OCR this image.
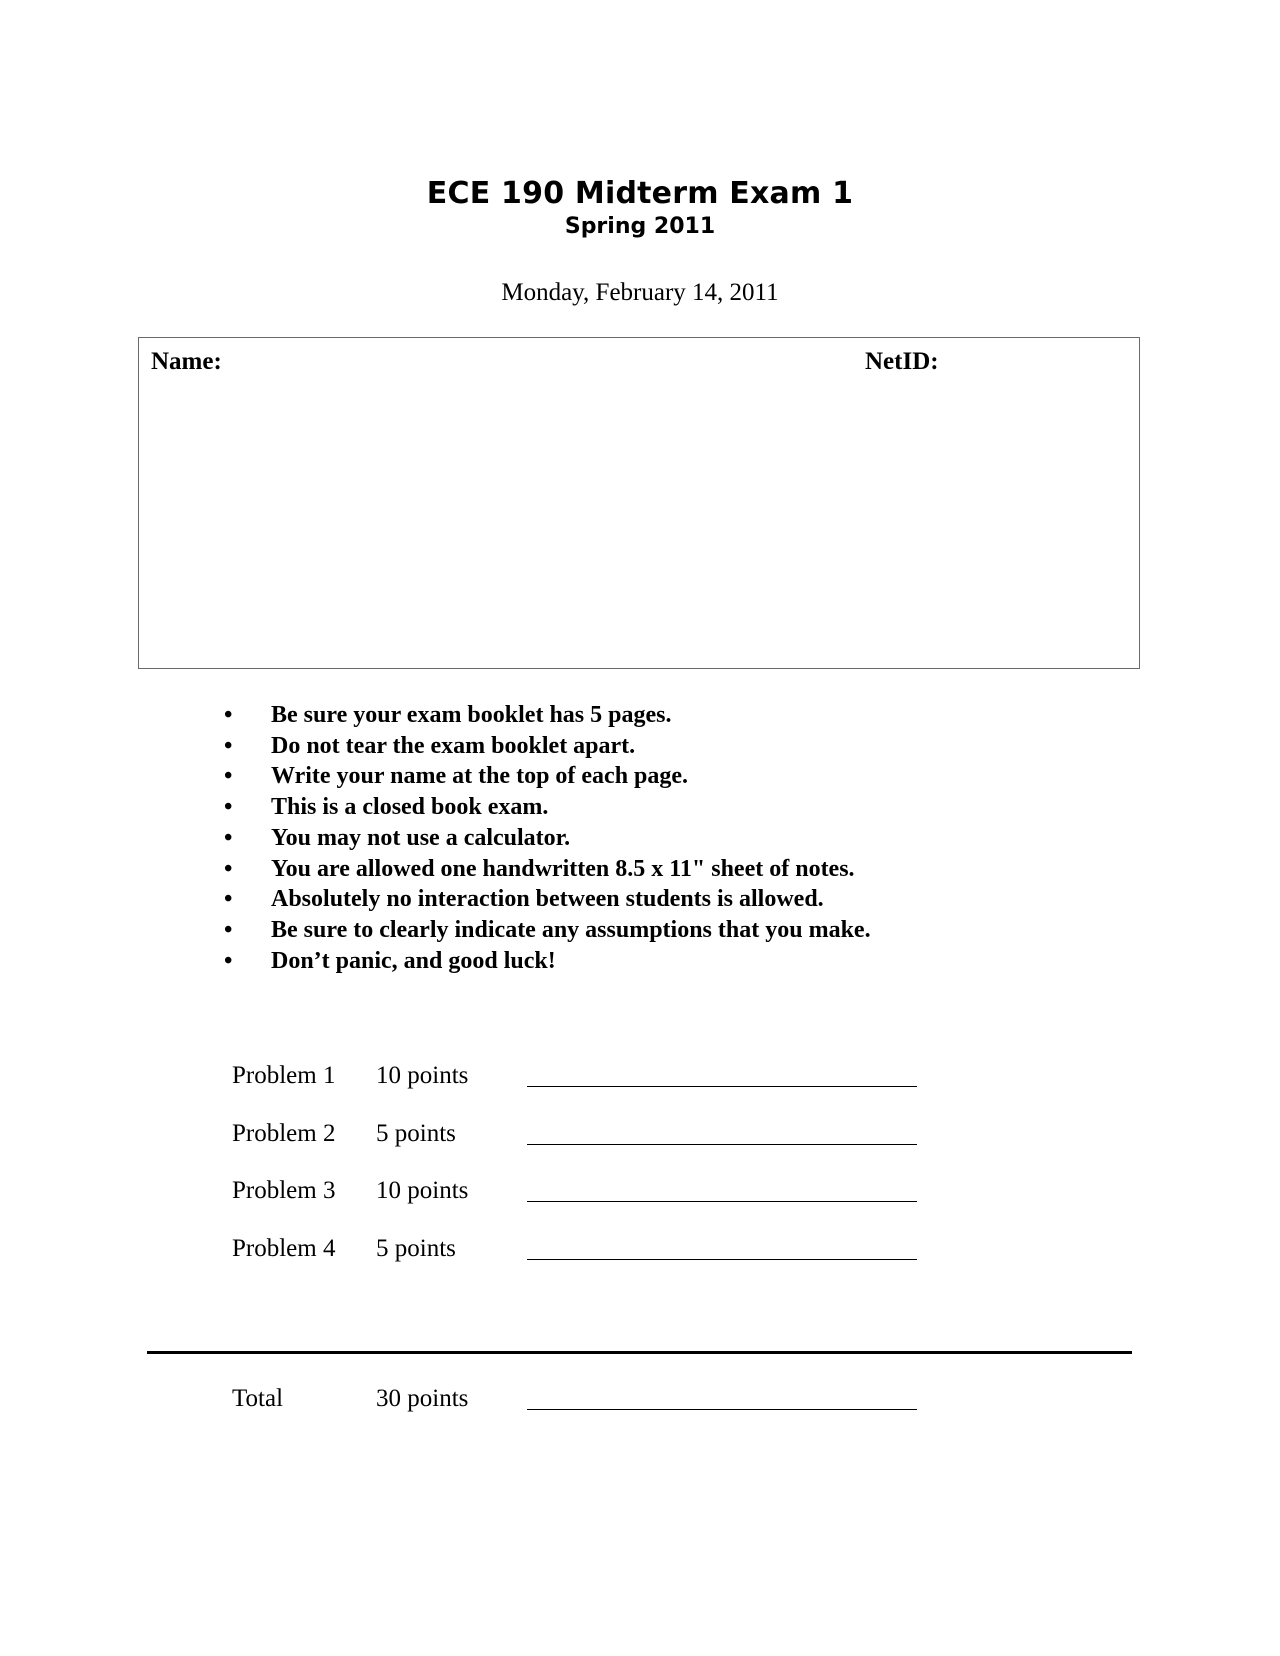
ECE 190 Midterm Exam 1
Spring 2011
Monday, February 14, 2011
Name:	NetID:
• Be sure your exam booklet has 5 pages.
• Do not tear the exam booklet apart.
• Write your name at the top of each page.
• This is a closed book exam.
• You may not use a calculator.
• You are allowed one handwritten 8.5 x 11" sheet of notes.
• Absolutely no interaction between students is allowed.
• Be sure to clearly indicate any assumptions that you make.
• Don’t panic, and good luck!
Problem 1 10 points
Problem 2 5 points
Problem 3 10 points
Problem 4 5 points
Total	30 points
